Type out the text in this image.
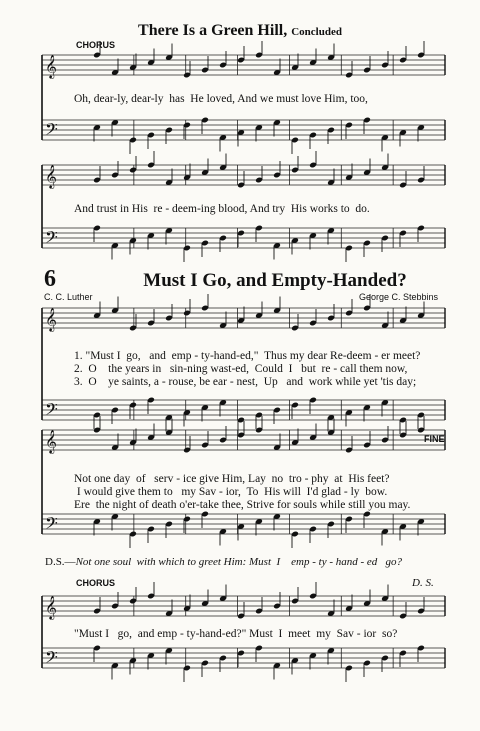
𝄞
𝄢
𝄞
𝄢
𝄞
𝄢
𝄞
𝄢
𝄞
𝄢
There Is a Green Hill, Concluded
CHORUS
Oh, dear-ly, dear-ly  has  He loved, And we must love Him, too,
And trust in His  re - deem-ing blood, And try  His works to  do.
6	Must I Go, and Empty-Handed?
C. C. Luther	George C. Stebbins
1. "Must I  go,   and  emp - ty-hand-ed,"  Thus my dear Re-deem - er meet?
2.  O    the years in   sin-ning wast-ed,  Could  I   but  re - call them now,
3.  O    ye saints, a - rouse, be ear - nest,  Up   and  work while yet 'tis day;
FINE
Not one day  of   serv - ice give Him, Lay  no  tro - phy  at  His feet?
I would give them to   my Sav - ior,  To  His will  I'd glad - ly  bow.
Ere  the night of death o'er-take thee, Strive for souls while still you may.
D.S.—Not one soul  with which to greet Him: Must  I    emp - ty - hand - ed   go?
CHORUS	D. S.
"Must I   go,  and emp - ty-hand-ed?" Must  I  meet  my  Sav - ior  so?
